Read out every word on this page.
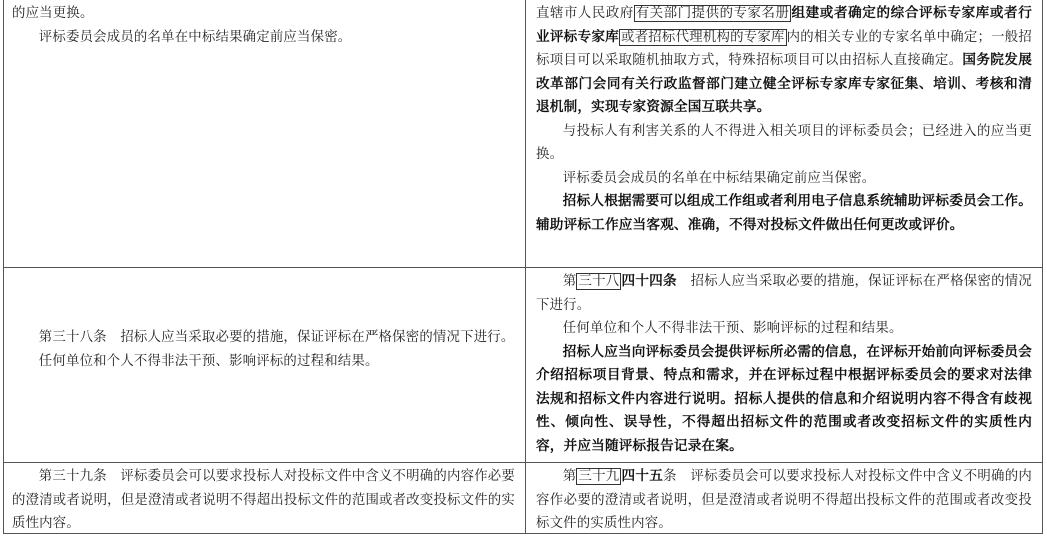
的应当更换。

评标委员会成员的名单在中标结果确定前应当保密。

直辖市人民政府 有关部门提供的专家名册 组建或者确定的综合评标专家库或者行业评标专家库 或者招标代理机构的专家库 内的相关专业的专家名单中确定；一般招标项目可以采取随机抽取方式，特殊招标项目可以由招标人直接确定。国务院发展改革部门会同有关行政监督部门建立健全评标专家库专家征集、培训、考核和清退机制，实现专家资源全国互联共享。

与投标人有利害关系的人不得进入相关项目的评标委员会；已经进入的应当更换。

评标委员会成员的名单在中标结果确定前应当保密。

招标人根据需要可以组成工作组或者利用电子信息系统辅助评标委员会工作。辅助评标工作应当客观、准确，不得对投标文件做出任何更改或评价。

第三十八条　招标人应当采取必要的措施，保证评标在严格保密的情况下进行。

任何单位和个人不得非法干预、影响评标的过程和结果。

第 三十八 四十四条　招标人应当采取必要的措施，保证评标在严格保密的情况下进行。

任何单位和个人不得非法干预、影响评标的过程和结果。

招标人应当向评标委员会提供评标所必需的信息，在评标开始前向评标委员会介绍招标项目背景、特点和需求，并在评标过程中根据评标委员会的要求对法律法规和招标文件内容进行说明。招标人提供的信息和介绍说明内容不得含有歧视性、倾向性、误导性，不得超出招标文件的范围或者改变招标文件的实质性内容，并应当随评标报告记录在案。

第三十九条　评标委员会可以要求投标人对投标文件中含义不明确的内容作必要的澄清或者说明，但是澄清或者说明不得超出投标文件的范围或者改变投标文件的实质性内容。

第 三十九 四十五条　评标委员会可以要求投标人对投标文件中含义不明确的内容作必要的澄清或者说明，但是澄清或者说明不得超出投标文件的范围或者改变投标文件的实质性内容。
